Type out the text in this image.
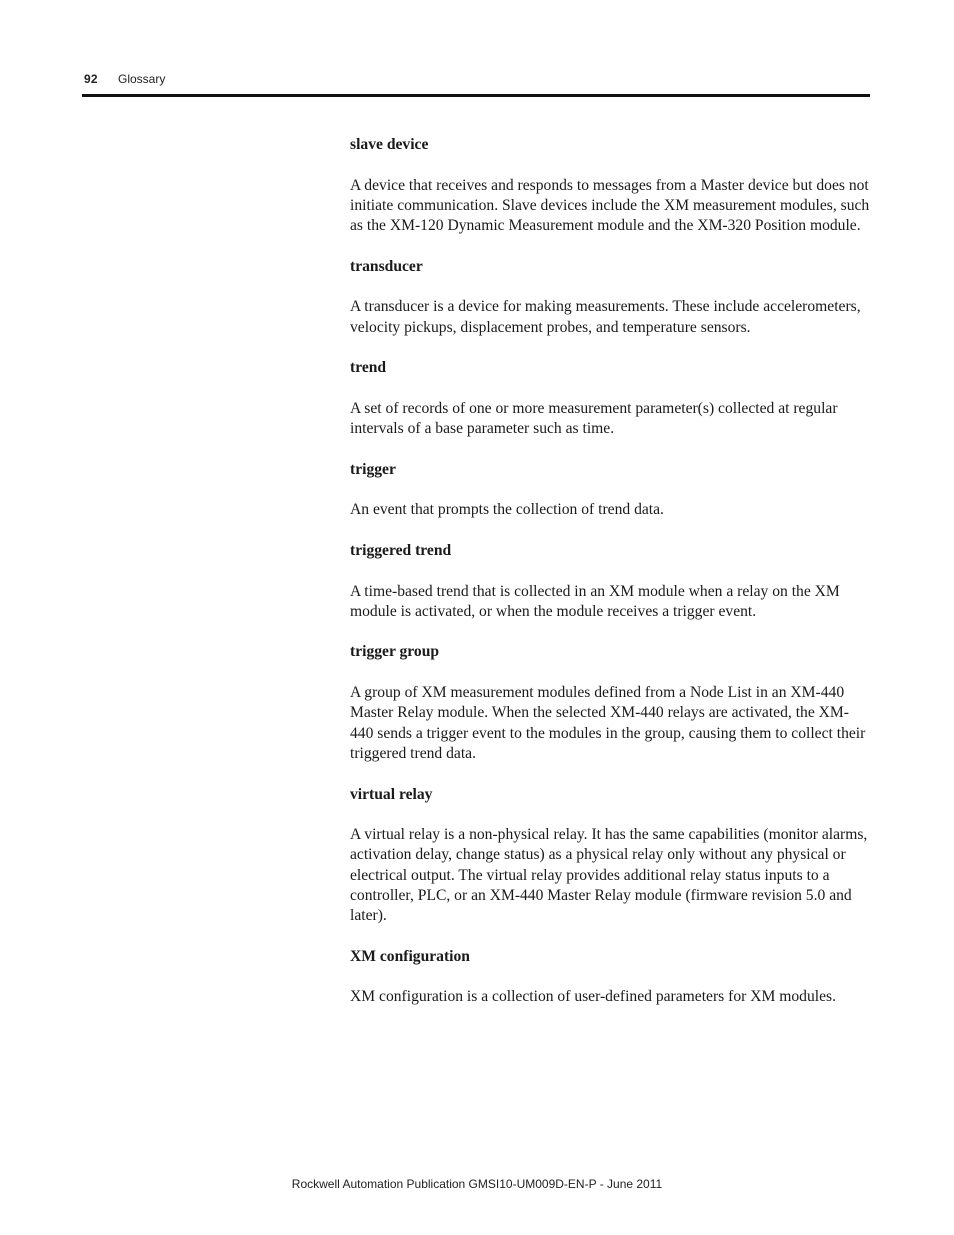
92 Glossary

slave device

A device that receives and responds to messages from a Master device but does not initiate communication. Slave devices include the XM measurement modules, such as the XM-120 Dynamic Measurement module and the XM-320 Position module.

transducer

A transducer is a device for making measurements. These include accelerometers, velocity pickups, displacement probes, and temperature sensors.

trend

A set of records of one or more measurement parameter(s) collected at regular intervals of a base parameter such as time.

trigger

An event that prompts the collection of trend data.

triggered trend

A time-based trend that is collected in an XM module when a relay on the XM module is activated, or when the module receives a trigger event.

trigger group

A group of XM measurement modules defined from a Node List in an XM-440 Master Relay module. When the selected XM-440 relays are activated, the XM-440 sends a trigger event to the modules in the group, causing them to collect their triggered trend data.

virtual relay

A virtual relay is a non-physical relay. It has the same capabilities (monitor alarms, activation delay, change status) as a physical relay only without any physical or electrical output. The virtual relay provides additional relay status inputs to a controller, PLC, or an XM-440 Master Relay module (firmware revision 5.0 and later).

XM configuration

XM configuration is a collection of user-defined parameters for XM modules.

Rockwell Automation Publication GMSI10-UM009D-EN-P - June 2011
